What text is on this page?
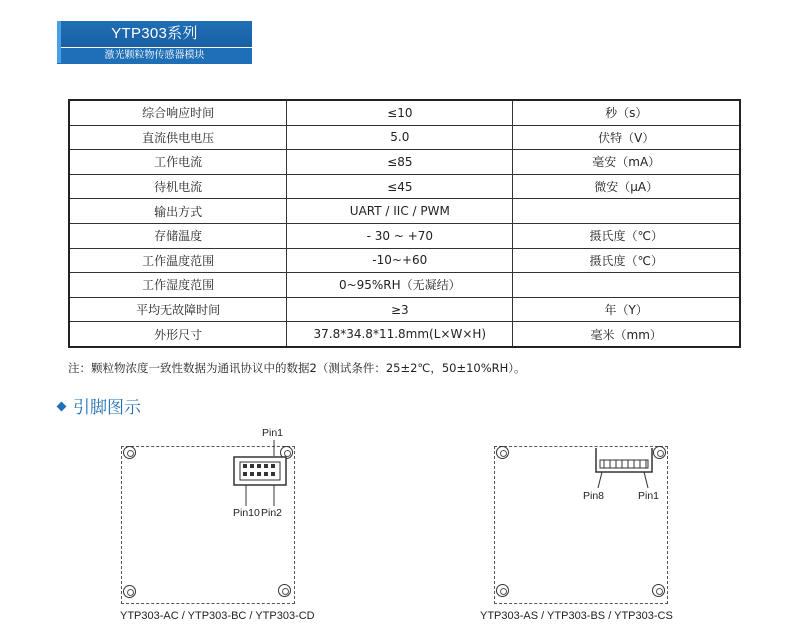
YTP303系列
激光颗粒物传感器模块
综合响应时间	≤10	秒（s）
直流供电电压	5.0	伏特（V）
工作电流	≤85	毫安（mA）
待机电流	≤45	微安（μA）
输出方式	UART / IIC / PWM	
存储温度	- 30 ~ +70	摄氏度（℃）
工作温度范围	-10~+60	摄氏度（℃）
工作湿度范围	0~95%RH（无凝结）	
平均无故障时间	≥3	年（Y）
外形尺寸	37.8*34.8*11.8mm(L×W×H)	毫米（mm）
注：颗粒物浓度一致性数据为通讯协议中的数据2（测试条件：25±2℃，50±10%RH）。
引脚图示
Pin1
Pin10 Pin2
YTP303-AC / YTP303-BC / YTP303-CD
Pin8	Pin1
YTP303-AS / YTP303-BS / YTP303-CS
